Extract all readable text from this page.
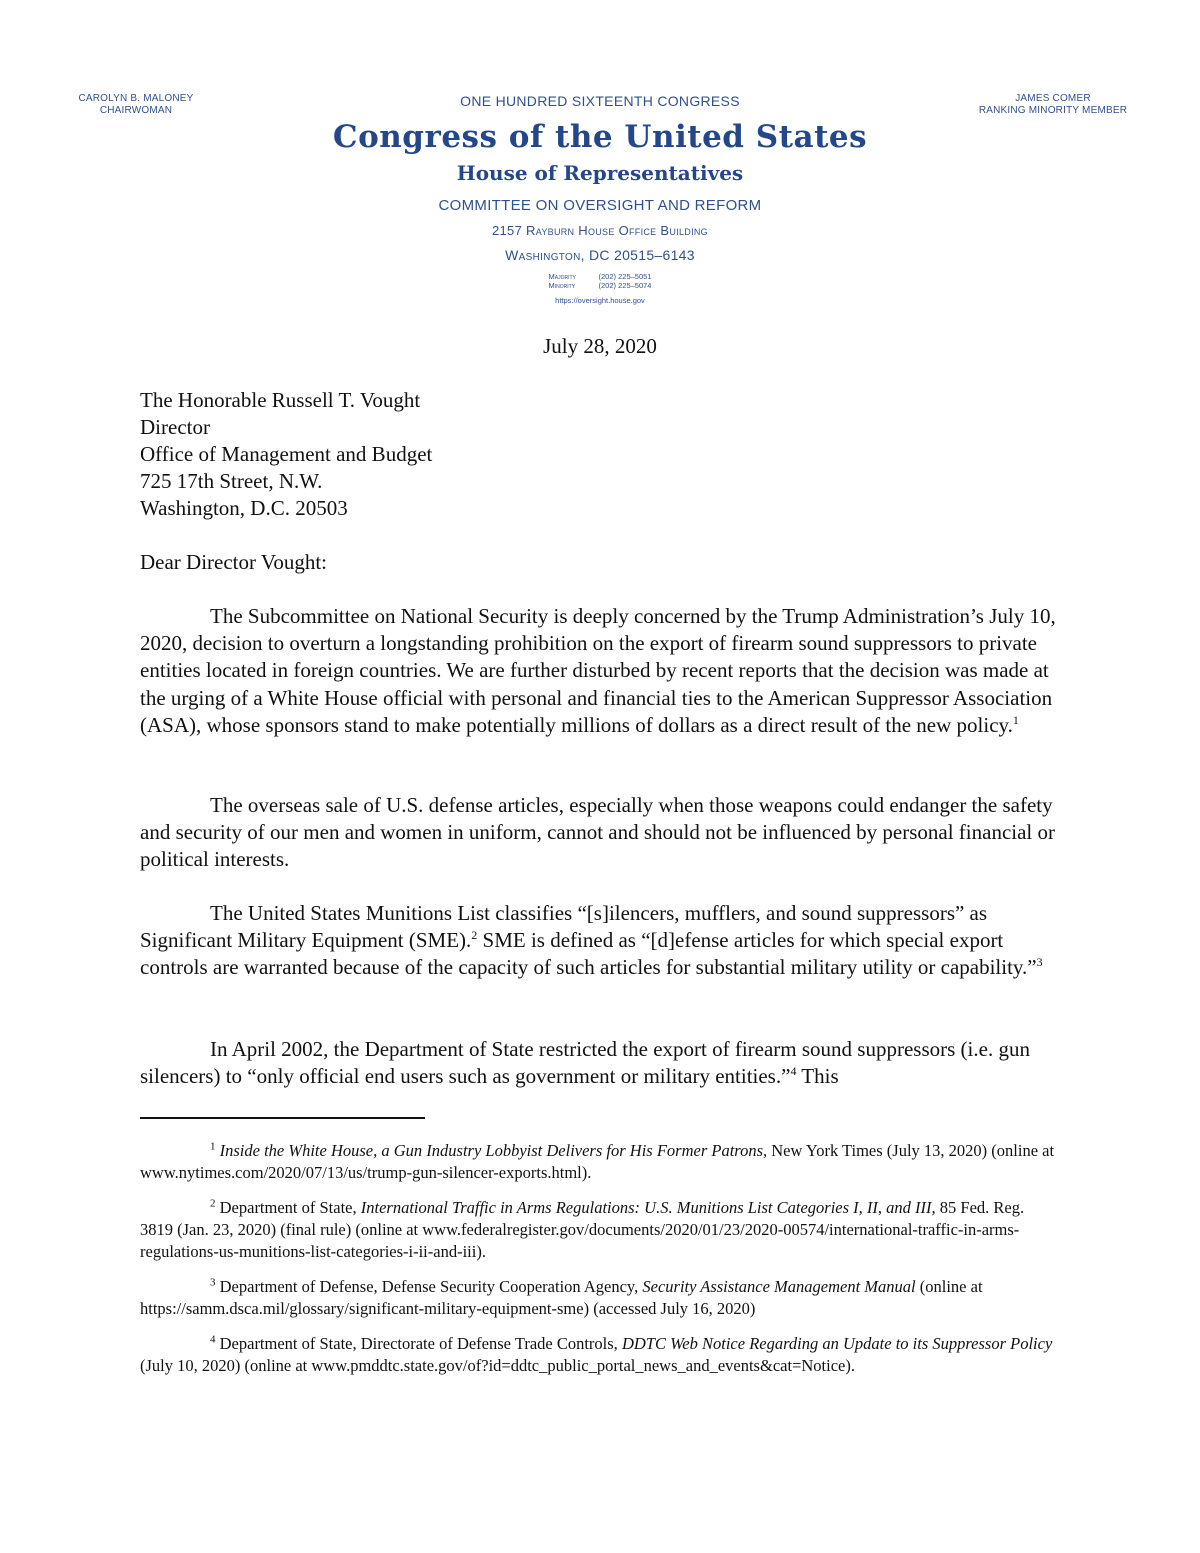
CAROLYN B. MALONEY
CHAIRWOMAN
JAMES COMER
RANKING MINORITY MEMBER
ONE HUNDRED SIXTEENTH CONGRESS
Congress of the United States
House of Representatives
COMMITTEE ON OVERSIGHT AND REFORM
2157 Rayburn House Office Building
Washington, DC 20515–6143
Majority	(202) 225–5051
Minority	(202) 225–5074
https://oversight.house.gov
July 28, 2020
The Honorable Russell T. Vought
Director
Office of Management and Budget
725 17th Street, N.W.
Washington, D.C. 20503
Dear Director Vought:

The Subcommittee on National Security is deeply concerned by the Trump Administration’s July 10, 2020, decision to overturn a longstanding prohibition on the export of firearm sound suppressors to private entities located in foreign countries. We are further disturbed by recent reports that the decision was made at the urging of a White House official with personal and financial ties to the American Suppressor Association (ASA), whose sponsors stand to make potentially millions of dollars as a direct result of the new policy.$^1$

The overseas sale of U.S. defense articles, especially when those weapons could endanger the safety and security of our men and women in uniform, cannot and should not be influenced by personal financial or political interests.

The United States Munitions List classifies “[s]ilencers, mufflers, and sound suppressors” as Significant Military Equipment (SME).$^2$ SME is defined as “[d]efense articles for which special export controls are warranted because of the capacity of such articles for substantial military utility or capability.”$^3$

In April 2002, the Department of State restricted the export of firearm sound suppressors (i.e. gun silencers) to “only official end users such as government or military entities.”$^4$ This

$^1$ Inside the White House, a Gun Industry Lobbyist Delivers for His Former Patrons, New York Times (July 13, 2020) (online at www.nytimes.com/2020/07/13/us/trump-gun-silencer-exports.html).

$^2$ Department of State, International Traffic in Arms Regulations: U.S. Munitions List Categories I, II, and III, 85 Fed. Reg. 3819 (Jan. 23, 2020) (final rule) (online at www.federalregister.gov/documents/2020/01/23/2020-00574/international-traffic-in-arms-regulations-us-munitions-list-categories-i-ii-and-iii).

$^3$ Department of Defense, Defense Security Cooperation Agency, Security Assistance Management Manual (online at https://samm.dsca.mil/glossary/significant-military-equipment-sme) (accessed July 16, 2020)

$^4$ Department of State, Directorate of Defense Trade Controls, DDTC Web Notice Regarding an Update to its Suppressor Policy (July 10, 2020) (online at www.pmddtc.state.gov/of?id=ddtc_public_portal_news_and_events&cat=Notice).
